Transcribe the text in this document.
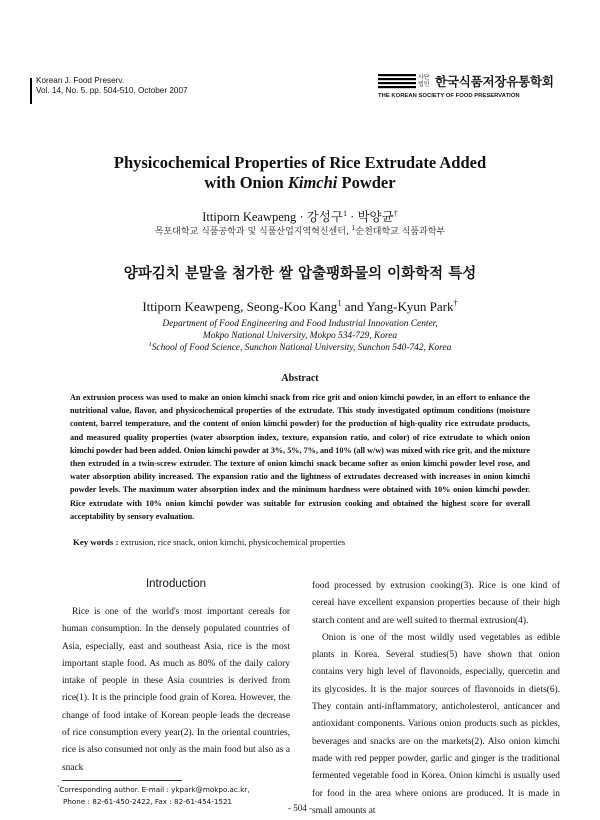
Korean J. Food Preserv.
Vol. 14, No. 5. pp. 504-510, October 2007
사단법인 한국식품저장유통학회
THE KOREAN SOCIETY OF FOOD PRESERVATION
Physicochemical Properties of Rice Extrudate Added
with Onion Kimchi Powder
Ittiporn Keawpeng · 강성구$^1$ · 박양균†
목포대학교 식품공학과 및 식품산업지역혁신센터, $^1$순천대학교 식품과학부
양파김치 분말을 첨가한 쌀 압출팽화물의 이화학적 특성
Ittiporn Keawpeng, Seong-Koo Kang$^1$ and Yang-Kyun Park†
Department of Food Engineering and Food Industrial Innovation Center,
Mokpo National University, Mokpo 534-729, Korea
$^1$School of Food Science, Sunchon National University, Sunchon 540-742, Korea
Abstract
An extrusion process was used to make an onion kimchi snack from rice grit and onion kimchi powder, in an effort to enhance the nutritional value, flavor, and physicochemical properties of the extrudate. This study investigated optimum conditions (moisture content, barrel temperature, and the content of onion kimchi powder) for the production of high-quality rice extrudate products, and measured quality properties (water absorption index, texture, expansion ratio, and color) of rice extrudate to which onion kimchi powder had been added. Onion kimchi powder at 3%, 5%, 7%, and 10% (all w/w) was mixed with rice grit, and the mixture then extruded in a twin-screw extruder. The texture of onion kimchi snack became softer as onion kimchi powder level rose, and water absorption ability increased. The expansion ratio and the lightness of extrudates decreased with increases in onion kimchi powder levels. The maximum water absorption index and the minimum hardness were obtained with 10% onion kimchi powder. Rice extrudate with 10% onion kimchi powder was suitable for extrusion cooking and obtained the highest score for overall acceptability by sensory evaluation.
Key words : extrusion, rice snack, onion kimchi, physicochemical properties
Introduction

Rice is one of the world's most important cereals for human consumption. In the densely populated countries of Asia, especially, east and southeast Asia, rice is the most important staple food. As much as 80% of the daily calory intake of people in these Asia countries is derived from rice(1). It is the principle food grain of Korea. However, the change of food intake of Korean people leads the decrease of rice consumption every year(2). In the oriental countries, rice is also consumed not only as the main food but also as a snack

food processed by extrusion cooking(3). Rice is one kind of cereal have excellent expansion properties because of their high starch content and are well suited to thermal extrusion(4).

Onion is one of the most wildly used vegetables as edible plants in Korea. Several studies(5) have shown that onion contains very high level of flavonoids, especially, quercetin and its glycosides. It is the major sources of flavonoids in diets(6). They contain anti-inflammatory, anticholesterol, anticancer and antioxidant components. Various onion products such as pickles, beverages and snacks are on the markets(2). Also onion kimchi made with red pepper powder, garlic and ginger is the traditional fermented vegetable food in Korea. Onion kimchi is usually used for food in the area where onions are produced. It is made in small amounts at

*Corresponding author. E-mail : ykpark@mokpo.ac.kr,
Phone : 82-61-450-2422, Fax : 82-61-454-1521
- 504 -
